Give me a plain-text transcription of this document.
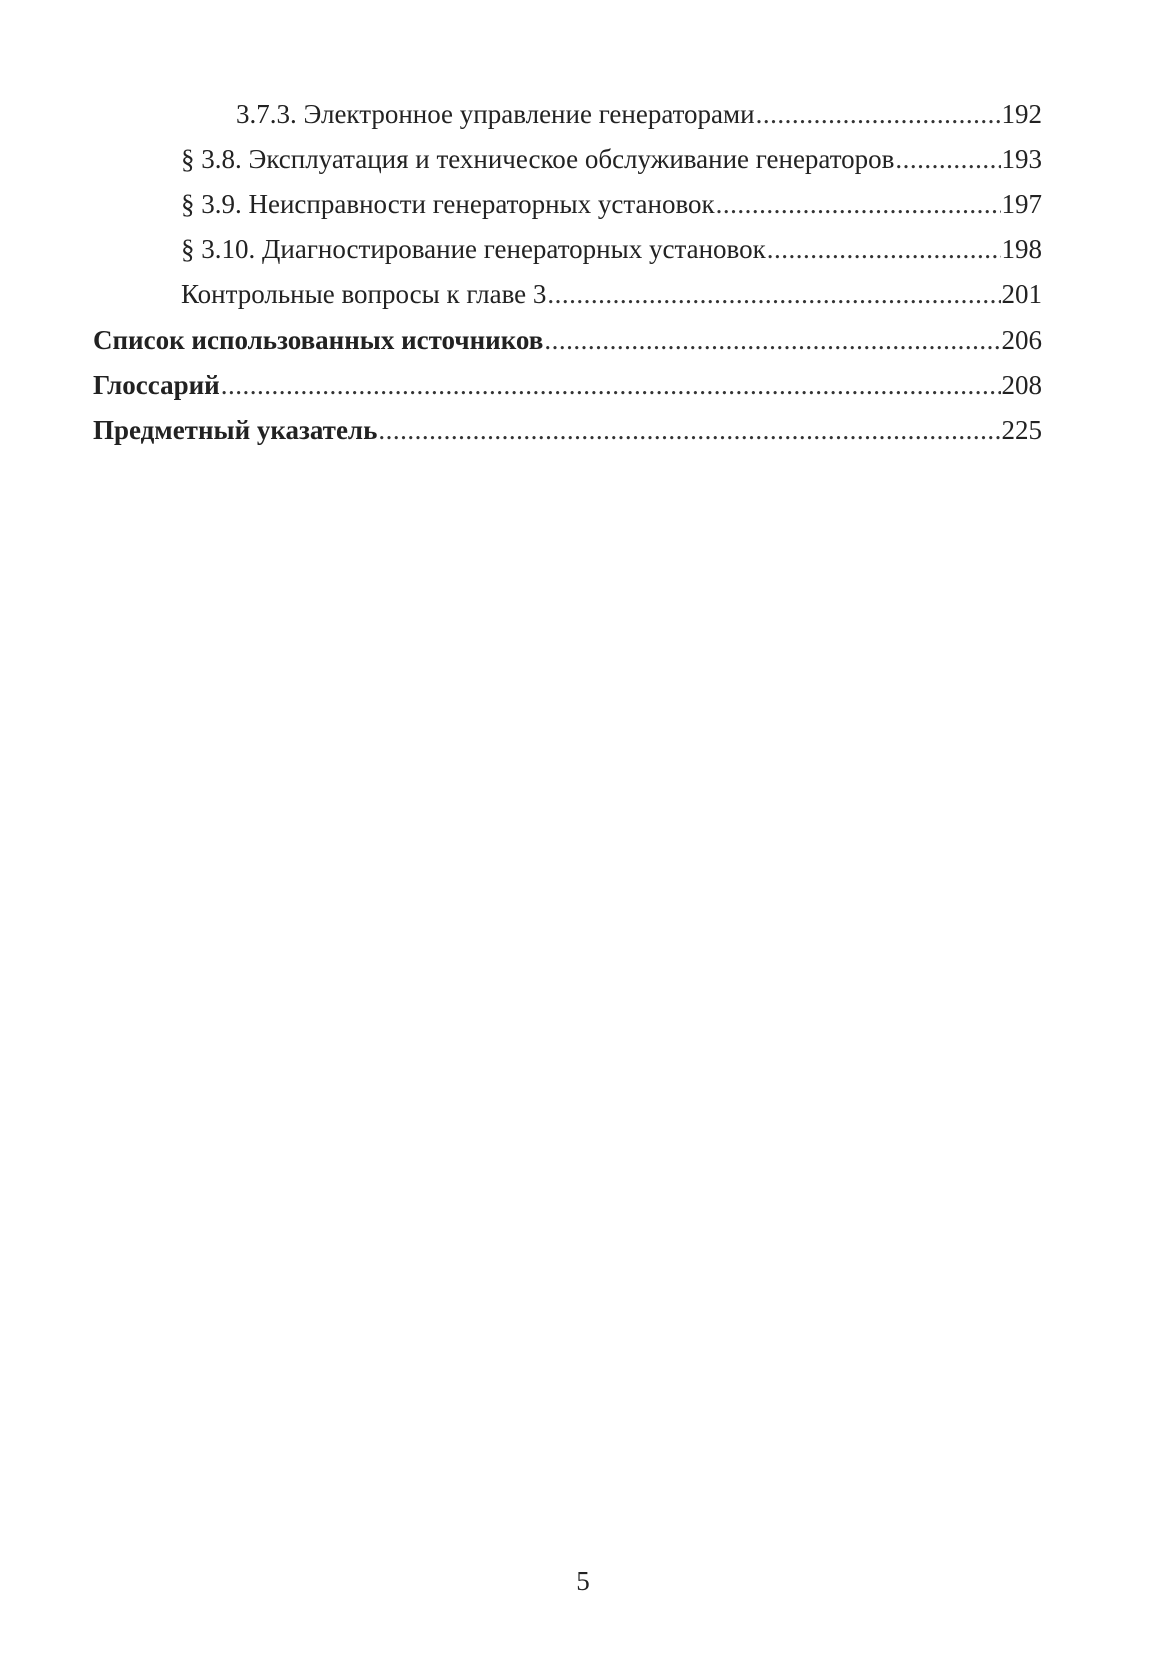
3.7.3. Электронное управление генераторами .....	192
§ 3.8. Эксплуатация и техническое обслуживание генераторов .....	193
§ 3.9. Неисправности генераторных установок .....	197
§ 3.10. Диагностирование генераторных установок .....	198
Контрольные вопросы к главе 3 .....	201
Список использованных источников .....	206
Глоссарий .....	208
Предметный указатель .....	225
5
